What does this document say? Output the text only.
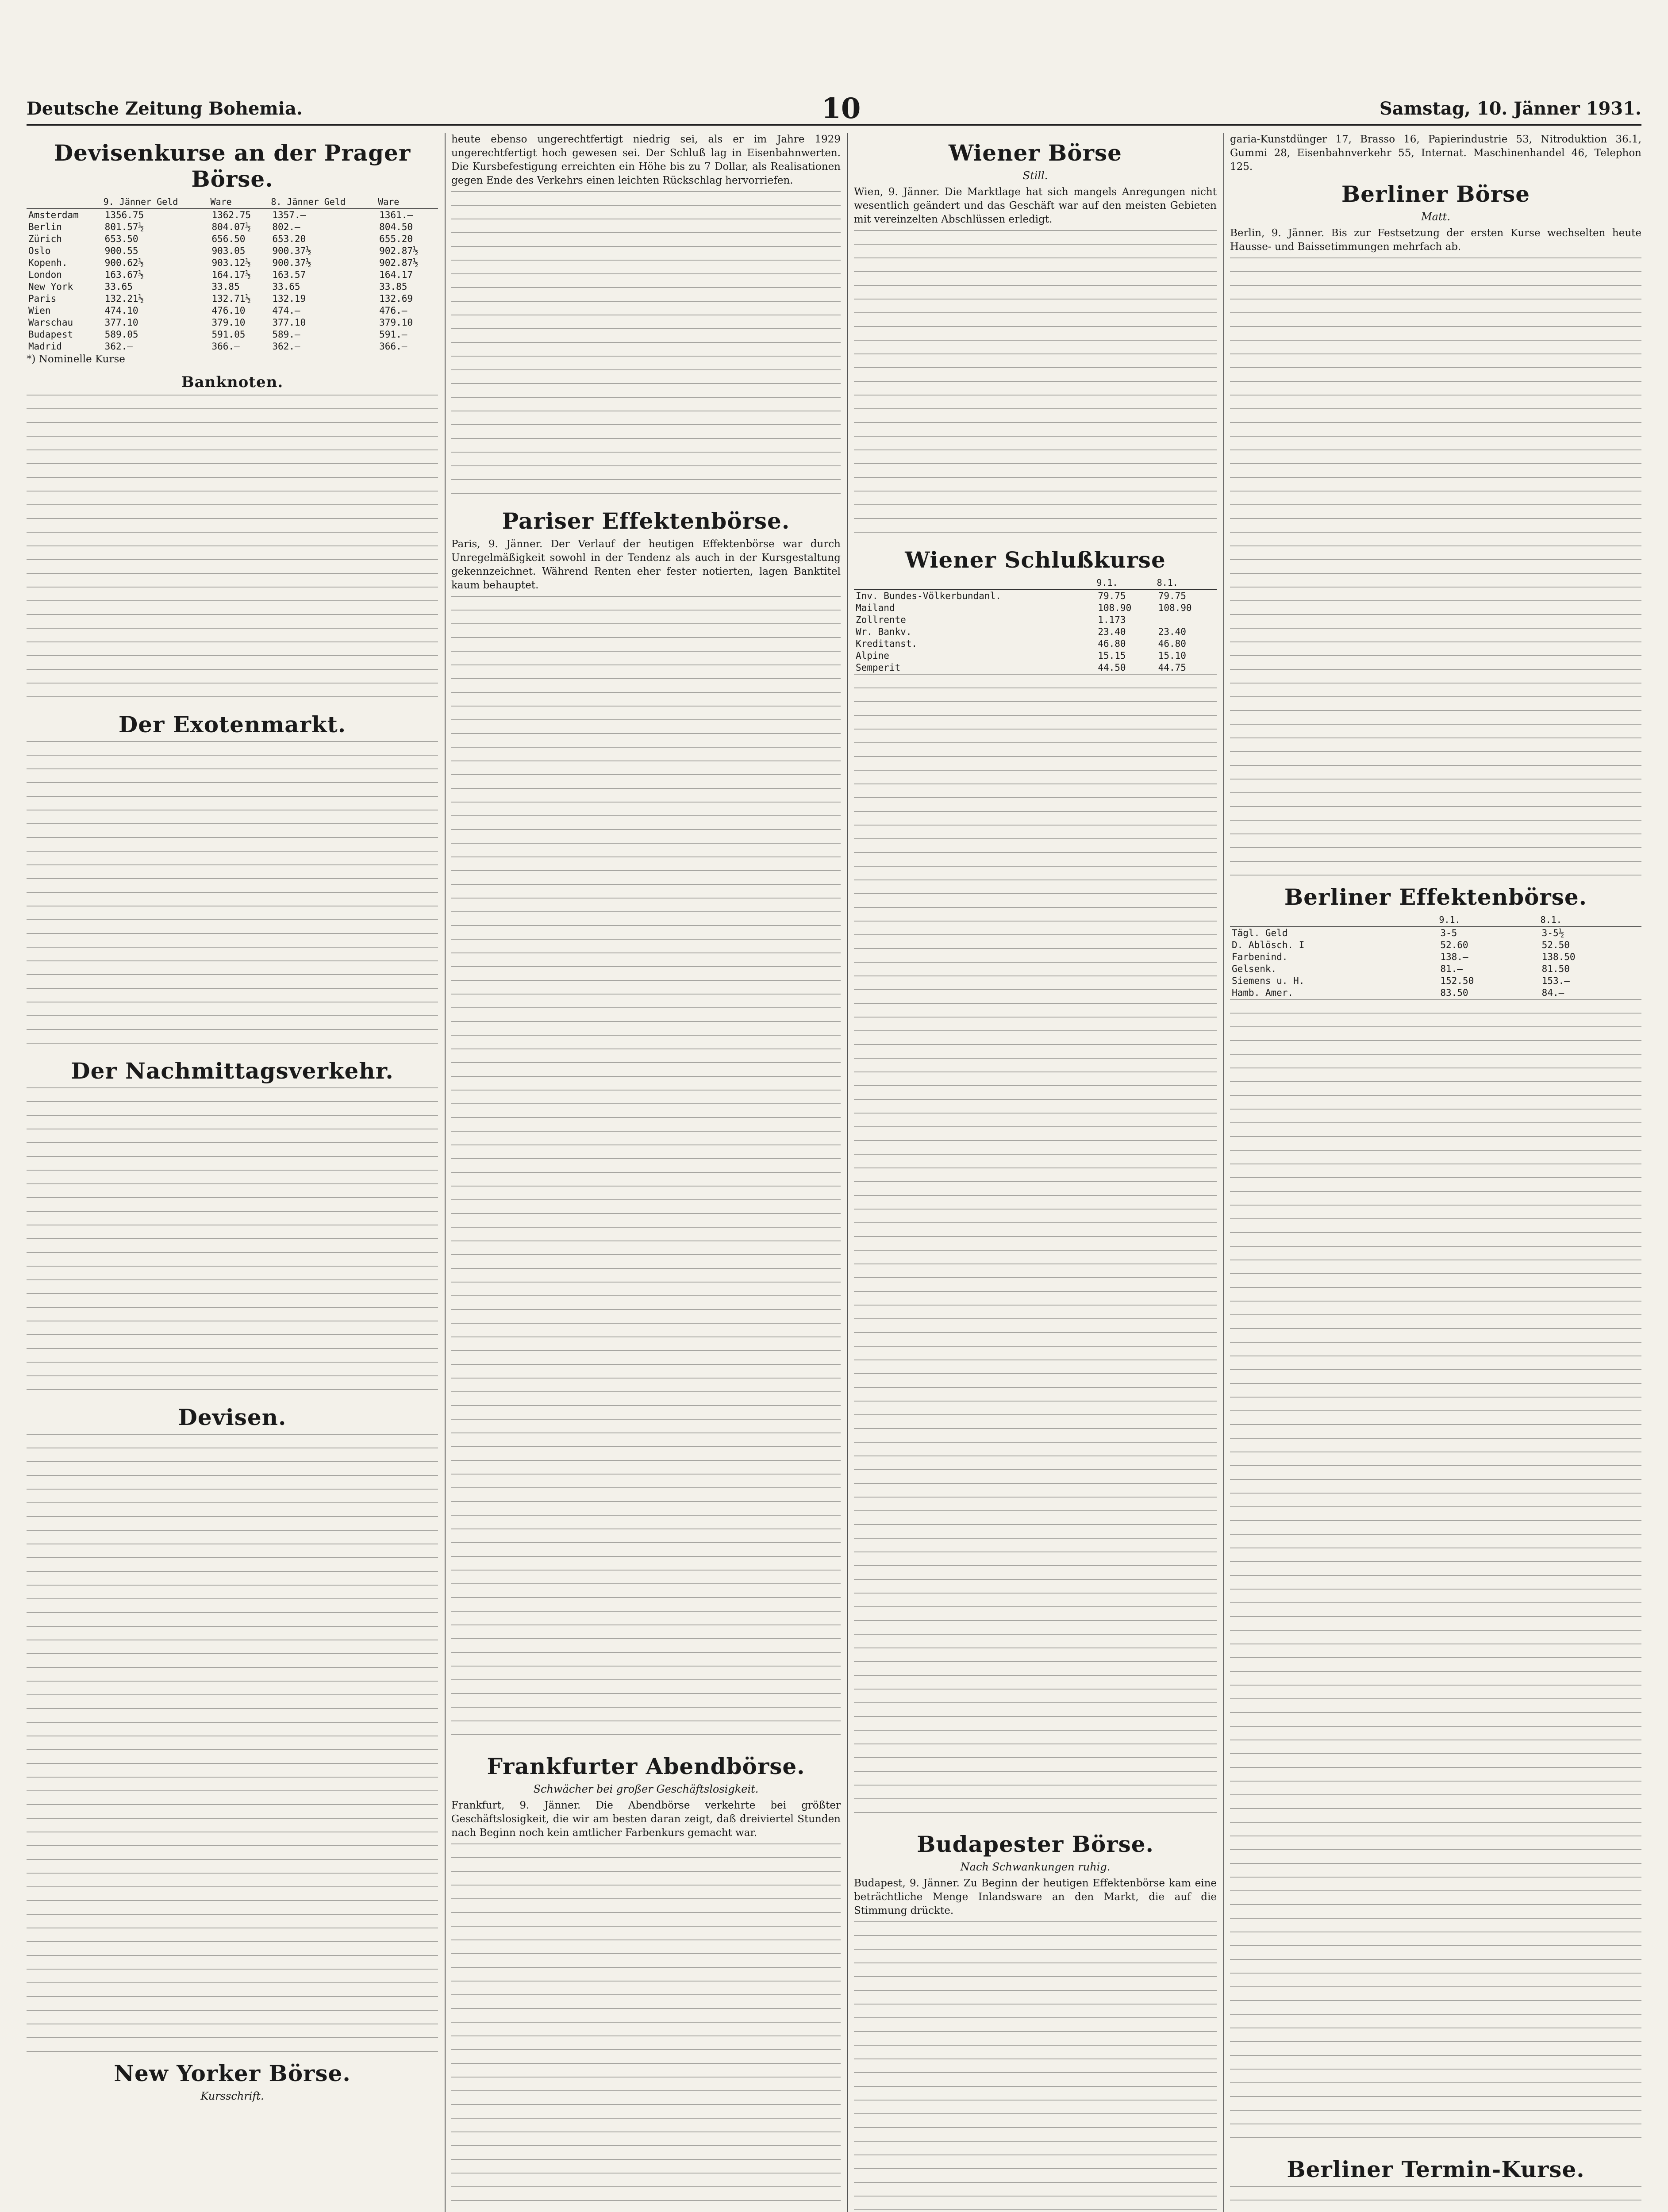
Deutsche Zeitung Bohemia.	10	Samstag, 10. Jänner 1931.
Devisenkurse an der Prager Börse.
	9. Jänner Geld	Ware	8. Jänner Geld	Ware
Amsterdam	1356.75	1362.75	1357.—	1361.—
Berlin	801.57½	804.07½	802.—	804.50
Zürich	653.50	656.50	653.20	655.20
Oslo	900.55	903.05	900.37½	902.87½
Kopenh.	900.62½	903.12½	900.37½	902.87½
London	163.67½	164.17½	163.57	164.17
New York	33.65	33.85	33.65	33.85
Paris	132.21½	132.71½	132.19	132.69
Wien	474.10	476.10	474.—	476.—
Warschau	377.10	379.10	377.10	379.10
Budapest	589.05	591.05	589.—	591.—
Madrid	362.—	366.—	362.—	366.—
*) Nominelle Kurse
Banknoten.
Der Exotenmarkt.
Der Nachmittagsverkehr.
Devisen.
New Yorker Börse.
Kursschrift.
heute ebenso ungerechtfertigt niedrig sei, als er im Jahre 1929 ungerechtfertigt hoch gewesen sei. Der Schluß lag in Eisenbahnwerten. Die Kursbefestigung erreichten ein Höhe bis zu 7 Dollar, als Realisationen gegen Ende des Verkehrs einen leichten Rückschlag hervorriefen.
Pariser Effektenbörse.
Paris, 9. Jänner. Der Verlauf der heutigen Effektenbörse war durch Unregelmäßigkeit sowohl in der Tendenz als auch in der Kursgestaltung gekennzeichnet. Während Renten eher fester notierten, lagen Banktitel kaum behauptet.
Frankfurter Abendbörse.
Schwächer bei großer Geschäftslosigkeit.
Frankfurt, 9. Jänner. Die Abendbörse verkehrte bei größter Geschäftslosigkeit, die wir am besten daran zeigt, daß dreiviertel Stunden nach Beginn noch kein amtlicher Farbenkurs gemacht war.
Wiener Börse
Still.
Wien, 9. Jänner. Die Marktlage hat sich mangels Anregungen nicht wesentlich geändert und das Geschäft war auf den meisten Gebieten mit vereinzelten Abschlüssen erledigt.
Wiener Schlußkurse
	9.1.	8.1.
Inv. Bundes-Völkerbundanl.	79.75	79.75
Mailand	108.90	108.90
Zollrente	1.173	
Wr. Bankv.	23.40	23.40
Kreditanst.	46.80	46.80
Alpine	15.15	15.10
Semperit	44.50	44.75
Budapester Börse.
Nach Schwankungen ruhig.
Budapest, 9. Jänner. Zu Beginn der heutigen Effektenbörse kam eine beträchtliche Menge Inlandsware an den Markt, die auf die Stimmung drückte.
garia-Kunstdünger 17, Brasso 16, Papierindustrie 53, Nitroduktion 36.1, Gummi 28, Eisenbahnverkehr 55, Internat. Maschinenhandel 46, Telephon 125.
Berliner Börse
Matt.
Berlin, 9. Jänner. Bis zur Festsetzung der ersten Kurse wechselten heute Hausse- und Baissetimmungen mehrfach ab.
Berliner Effektenbörse.
	9.1.	8.1.
Tägl. Geld	3-5	3-5½
D. Ablösch. I	52.60	52.50
Farbenind.	138.—	138.50
Gelsenk.	81.—	81.50
Siemens u. H.	152.50	153.—
Hamb. Amer.	83.50	84.—
Berliner Termin-Kurse.
